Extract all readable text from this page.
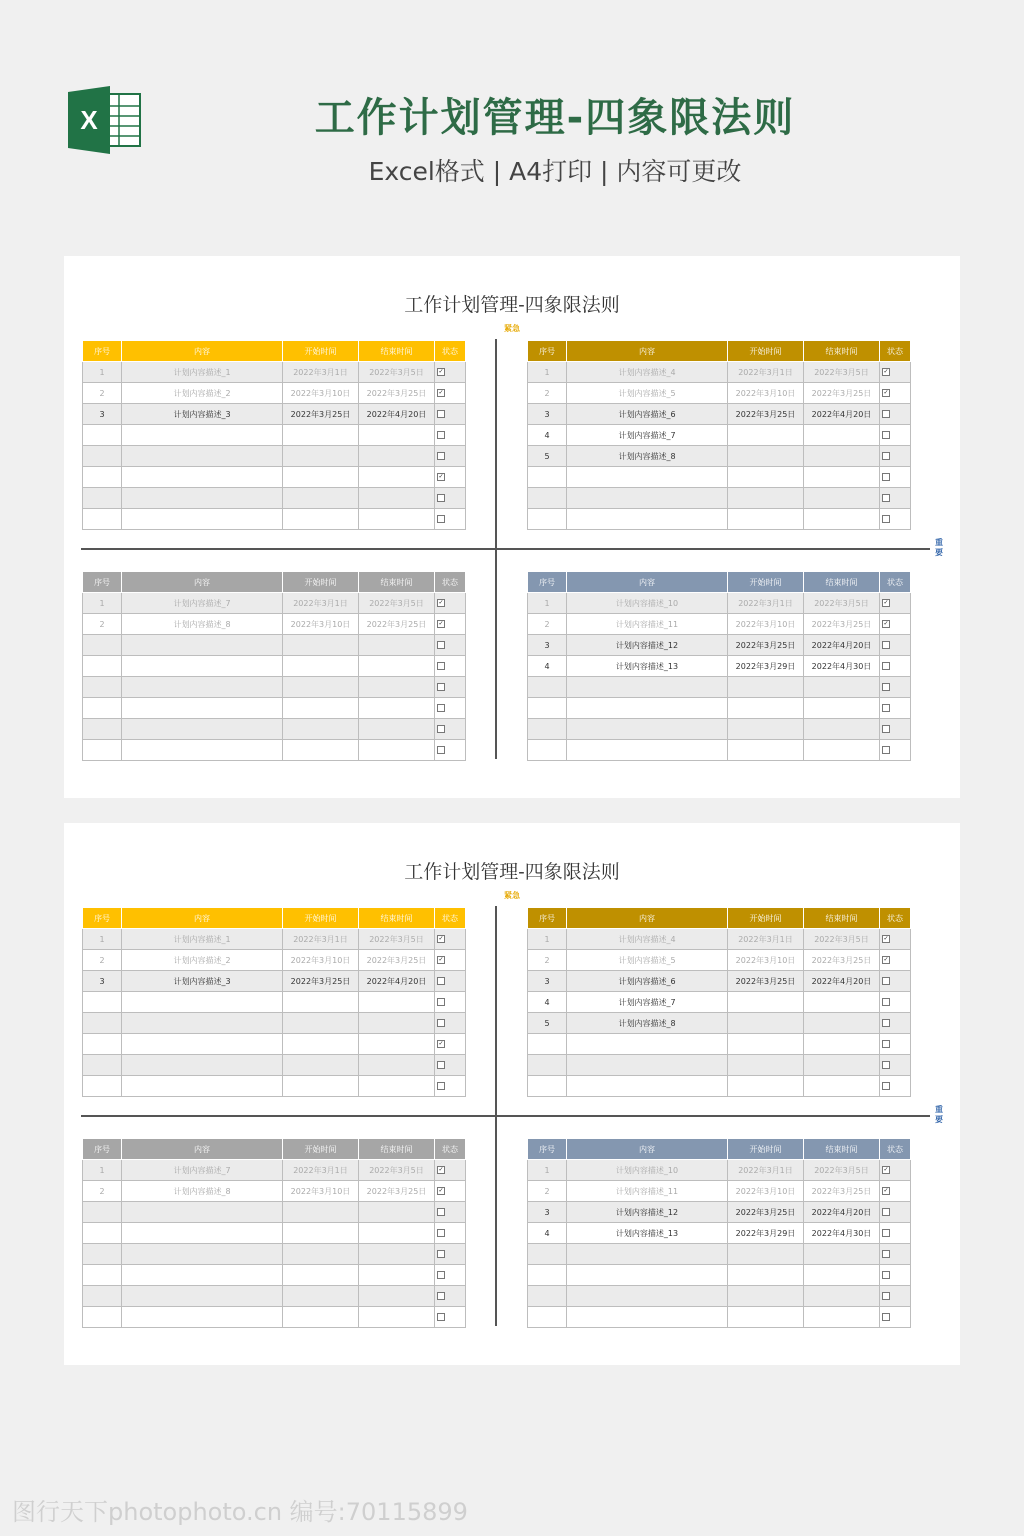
X	工作计划管理-四象限法则
Excel格式 | A4打印 | 内容可更改
工作计划管理-四象限法则
紧急
重要
序号	内容	开始时间	结束时间	状态
1	计划内容描述_1	2022年3月1日	2022年3月5日	✓
2	计划内容描述_2	2022年3月10日	2022年3月25日	✓
3	计划内容描述_3	2022年3月25日	2022年4月20日	

				✓

序号	内容	开始时间	结束时间	状态
1	计划内容描述_4	2022年3月1日	2022年3月5日	✓
2	计划内容描述_5	2022年3月10日	2022年3月25日	✓
3	计划内容描述_6	2022年3月25日	2022年4月20日	
4	计划内容描述_7			
5	计划内容描述_8			

序号	内容	开始时间	结束时间	状态
1	计划内容描述_7	2022年3月1日	2022年3月5日	✓
2	计划内容描述_8	2022年3月10日	2022年3月25日	✓

序号	内容	开始时间	结束时间	状态
1	计划内容描述_10	2022年3月1日	2022年3月5日	✓
2	计划内容描述_11	2022年3月10日	2022年3月25日	✓
3	计划内容描述_12	2022年3月25日	2022年4月20日	
4	计划内容描述_13	2022年3月29日	2022年4月30日	

工作计划管理-四象限法则
紧急
重要
序号	内容	开始时间	结束时间	状态
1	计划内容描述_1	2022年3月1日	2022年3月5日	✓
2	计划内容描述_2	2022年3月10日	2022年3月25日	✓
3	计划内容描述_3	2022年3月25日	2022年4月20日	

				✓

序号	内容	开始时间	结束时间	状态
1	计划内容描述_4	2022年3月1日	2022年3月5日	✓
2	计划内容描述_5	2022年3月10日	2022年3月25日	✓
3	计划内容描述_6	2022年3月25日	2022年4月20日	
4	计划内容描述_7			
5	计划内容描述_8			

序号	内容	开始时间	结束时间	状态
1	计划内容描述_7	2022年3月1日	2022年3月5日	✓
2	计划内容描述_8	2022年3月10日	2022年3月25日	✓

序号	内容	开始时间	结束时间	状态
1	计划内容描述_10	2022年3月1日	2022年3月5日	✓
2	计划内容描述_11	2022年3月10日	2022年3月25日	✓
3	计划内容描述_12	2022年3月25日	2022年4月20日	
4	计划内容描述_13	2022年3月29日	2022年4月30日	

图行天下photophoto.cn 编号:70115899
